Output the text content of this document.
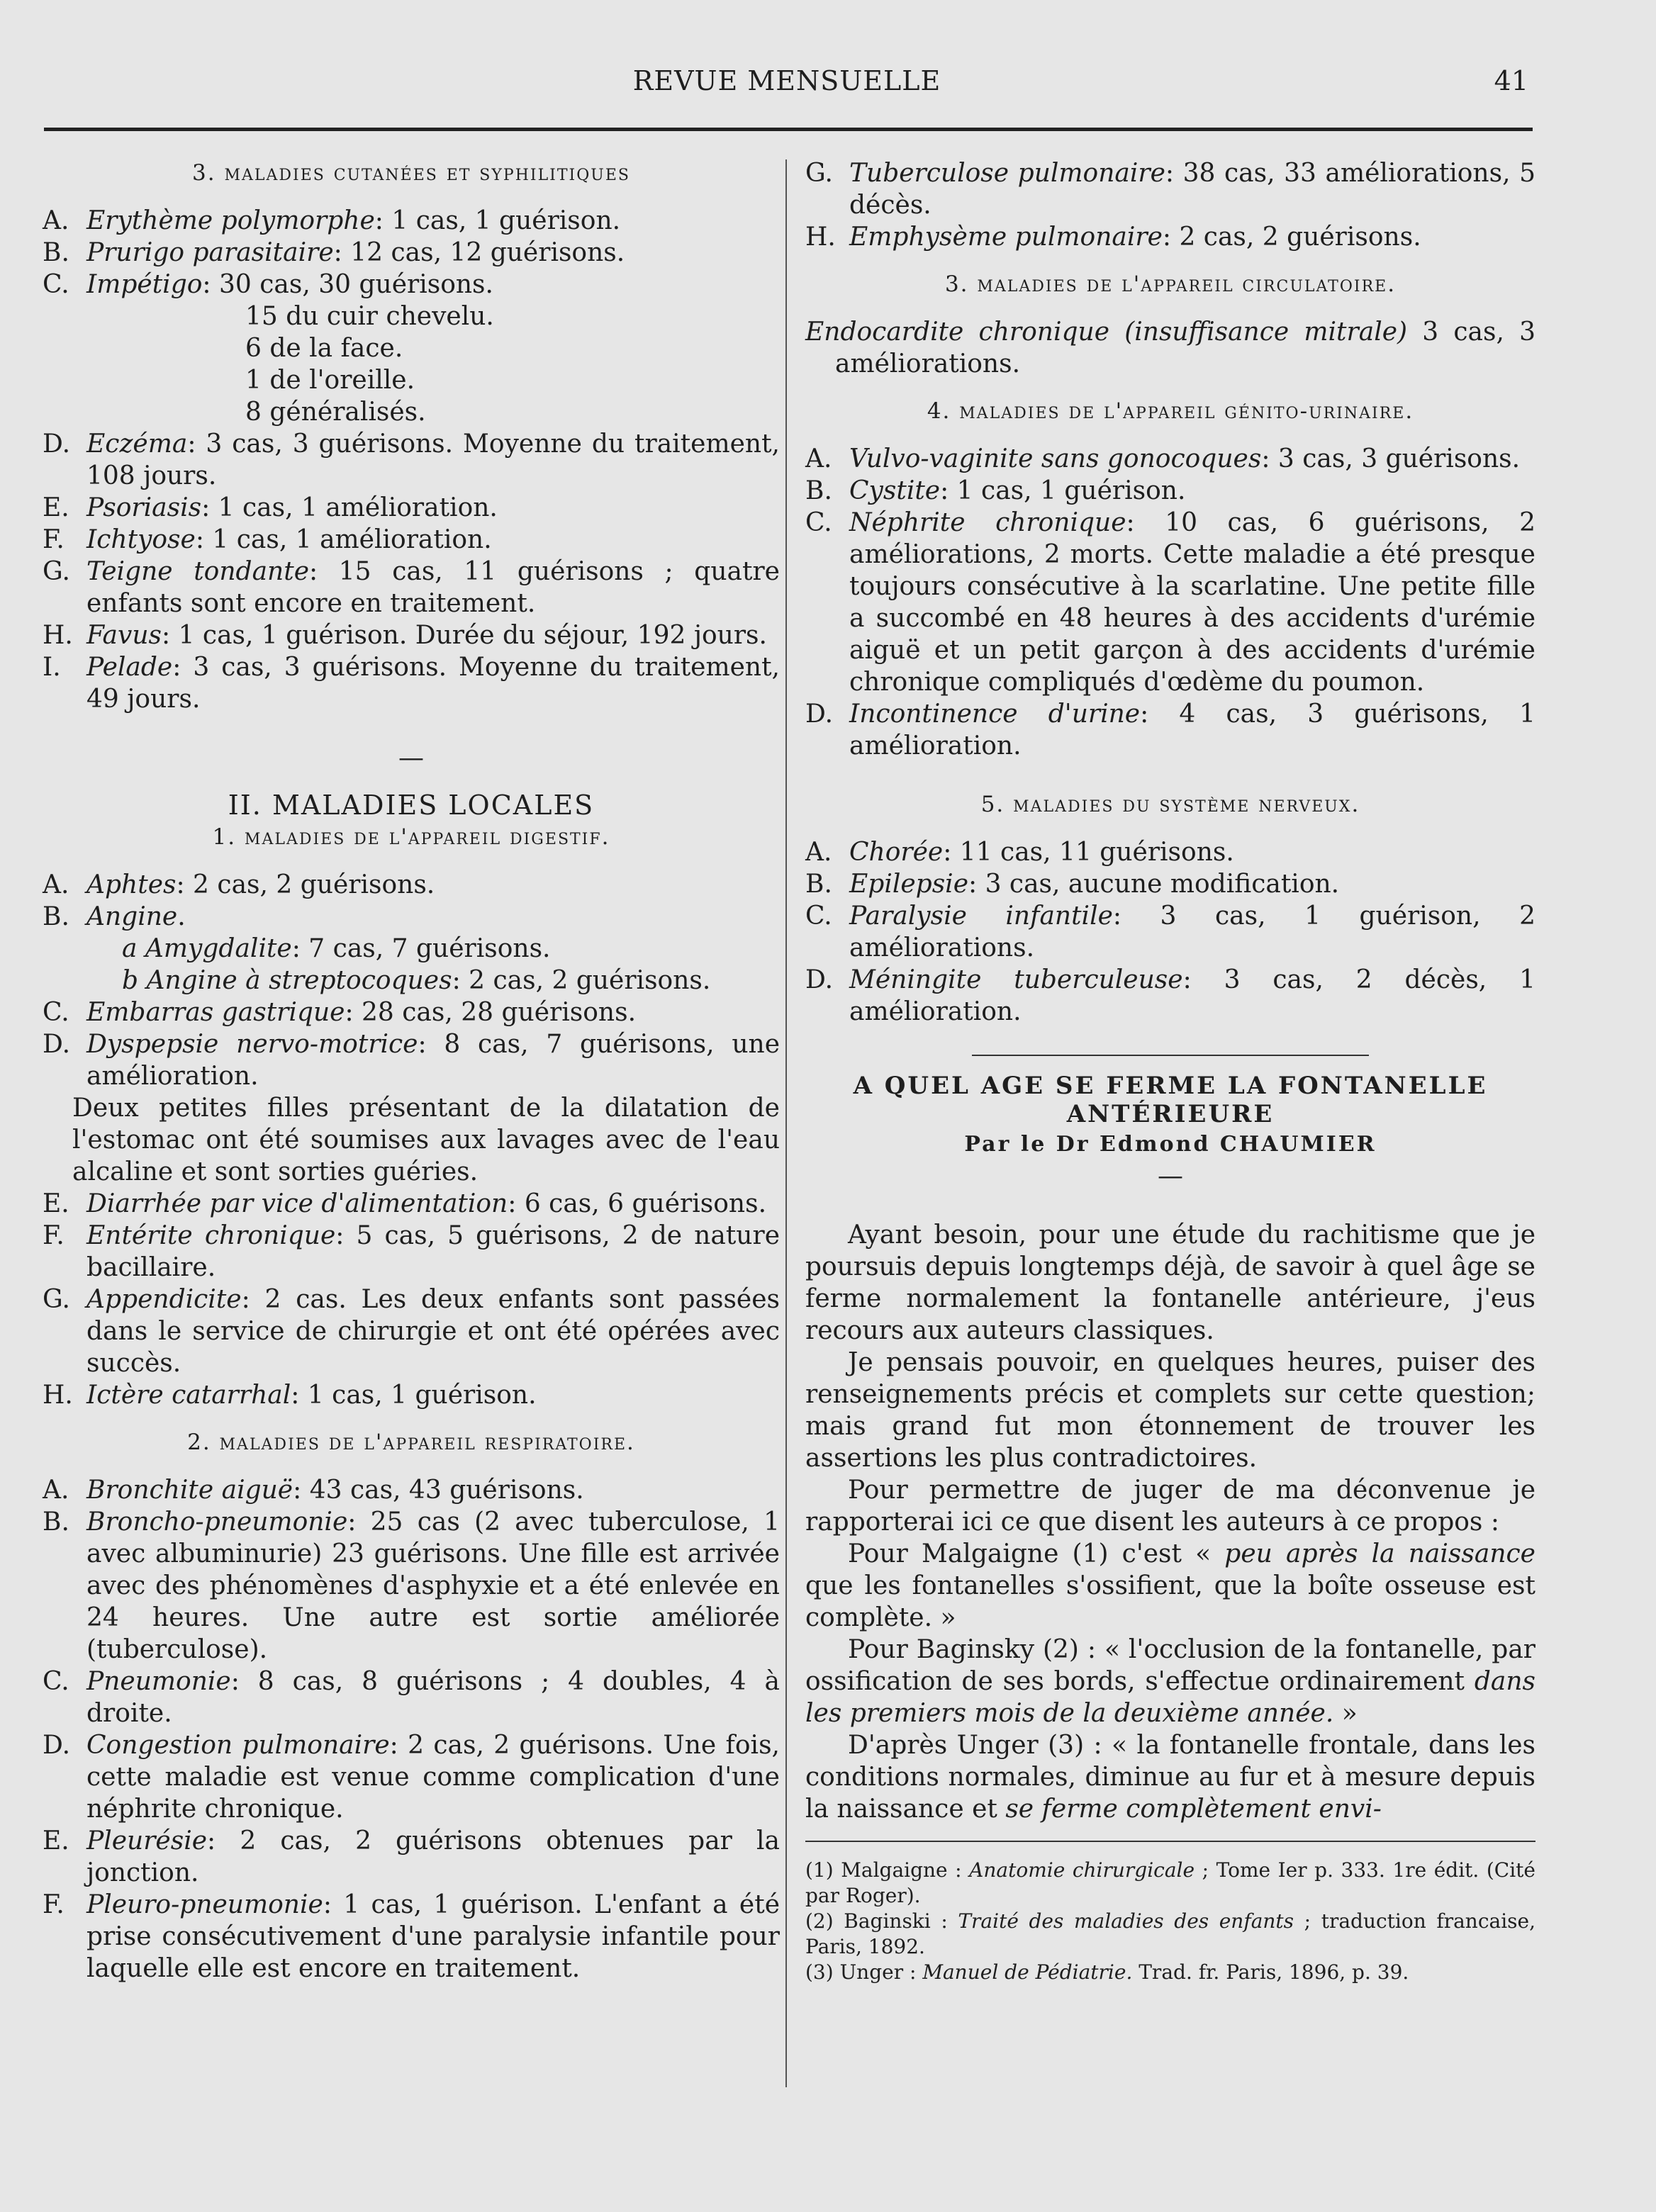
REVUE MENSUELLE	41

3. maladies cutanées et syphilitiques

A. Erythème polymorphe: 1 cas, 1 guérison.

B. Prurigo parasitaire: 12 cas, 12 guérisons.

C. Impétigo: 30 cas, 30 guérisons.

15 du cuir chevelu.

6 de la face.

1 de l'oreille.

8 généralisés.

D. Eczéma: 3 cas, 3 guérisons. Moyenne du traitement, 108 jours.

E. Psoriasis: 1 cas, 1 amélioration.

F. Ichtyose: 1 cas, 1 amélioration.

G. Teigne tondante: 15 cas, 11 guérisons ; quatre enfants sont encore en traitement.

H. Favus: 1 cas, 1 guérison. Durée du séjour, 192 jours.

I. Pelade: 3 cas, 3 guérisons. Moyenne du traitement, 49 jours.

—

II. MALADIES LOCALES

1. maladies de l'appareil digestif.

A. Aphtes: 2 cas, 2 guérisons.

B. Angine.

a Amygdalite: 7 cas, 7 guérisons.

b Angine à streptocoques: 2 cas, 2 guérisons.

C. Embarras gastrique: 28 cas, 28 guérisons.

D. Dyspepsie nervo-motrice: 8 cas, 7 guérisons, une amélioration.

Deux petites filles présentant de la dilatation de l'estomac ont été soumises aux lavages avec de l'eau alcaline et sont sorties guéries.

E. Diarrhée par vice d'alimentation: 6 cas, 6 guérisons.

F. Entérite chronique: 5 cas, 5 guérisons, 2 de nature bacillaire.

G. Appendicite: 2 cas. Les deux enfants sont passées dans le service de chirurgie et ont été opérées avec succès.

H. Ictère catarrhal: 1 cas, 1 guérison.

2. maladies de l'appareil respiratoire.

A. Bronchite aiguë: 43 cas, 43 guérisons.

B. Broncho-pneumonie: 25 cas (2 avec tuberculose, 1 avec albuminurie) 23 guérisons. Une fille est arrivée avec des phénomènes d'asphyxie et a été enlevée en 24 heures. Une autre est sortie améliorée (tuberculose).

C. Pneumonie: 8 cas, 8 guérisons ; 4 doubles, 4 à droite.

D. Congestion pulmonaire: 2 cas, 2 guérisons. Une fois, cette maladie est venue comme complication d'une néphrite chronique.

E. Pleurésie: 2 cas, 2 guérisons obtenues par la jonction.

F. Pleuro-pneumonie: 1 cas, 1 guérison. L'enfant a été prise consécutivement d'une paralysie infantile pour laquelle elle est encore en traitement.

G. Tuberculose pulmonaire: 38 cas, 33 améliorations, 5 décès.

H. Emphysème pulmonaire: 2 cas, 2 guérisons.

3. maladies de l'appareil circulatoire.

Endocardite chronique (insuffisance mitrale) 3 cas, 3 améliorations.

4. maladies de l'appareil génito-urinaire.

A. Vulvo-vaginite sans gonocoques: 3 cas, 3 guérisons.

B. Cystite: 1 cas, 1 guérison.

C. Néphrite chronique: 10 cas, 6 guérisons, 2 améliorations, 2 morts. Cette maladie a été presque toujours consécutive à la scarlatine. Une petite fille a succombé en 48 heures à des accidents d'urémie aiguë et un petit garçon à des accidents d'urémie chronique compliqués d'œdème du poumon.

D. Incontinence d'urine: 4 cas, 3 guérisons, 1 amélioration.

5. maladies du système nerveux.

A. Chorée: 11 cas, 11 guérisons.

B. Epilepsie: 3 cas, aucune modification.

C. Paralysie infantile: 3 cas, 1 guérison, 2 améliorations.

D. Méningite tuberculeuse: 3 cas, 2 décès, 1 amélioration.

A QUEL AGE SE FERME LA FONTANELLE

ANTÉRIEURE

Par le Dr Edmond CHAUMIER

—

Ayant besoin, pour une étude du rachitisme que je poursuis depuis longtemps déjà, de savoir à quel âge se ferme normalement la fontanelle antérieure, j'eus recours aux auteurs classiques.

Je pensais pouvoir, en quelques heures, puiser des renseignements précis et complets sur cette question; mais grand fut mon étonnement de trouver les assertions les plus contradictoires.

Pour permettre de juger de ma déconvenue je rapporterai ici ce que disent les auteurs à ce propos :

Pour Malgaigne (1) c'est « peu après la naissance que les fontanelles s'ossifient, que la boîte osseuse est complète. »

Pour Baginsky (2) : « l'occlusion de la fontanelle, par ossification de ses bords, s'effectue ordinairement dans les premiers mois de la deuxième année. »

D'après Unger (3) : « la fontanelle frontale, dans les conditions normales, diminue au fur et à mesure depuis la naissance et se ferme complètement envi-

(1) Malgaigne : Anatomie chirurgicale ; Tome Ier p. 333. 1re édit. (Cité par Roger).

(2) Baginski : Traité des maladies des enfants ; traduction francaise, Paris, 1892.

(3) Unger : Manuel de Pédiatrie. Trad. fr. Paris, 1896, p. 39.
